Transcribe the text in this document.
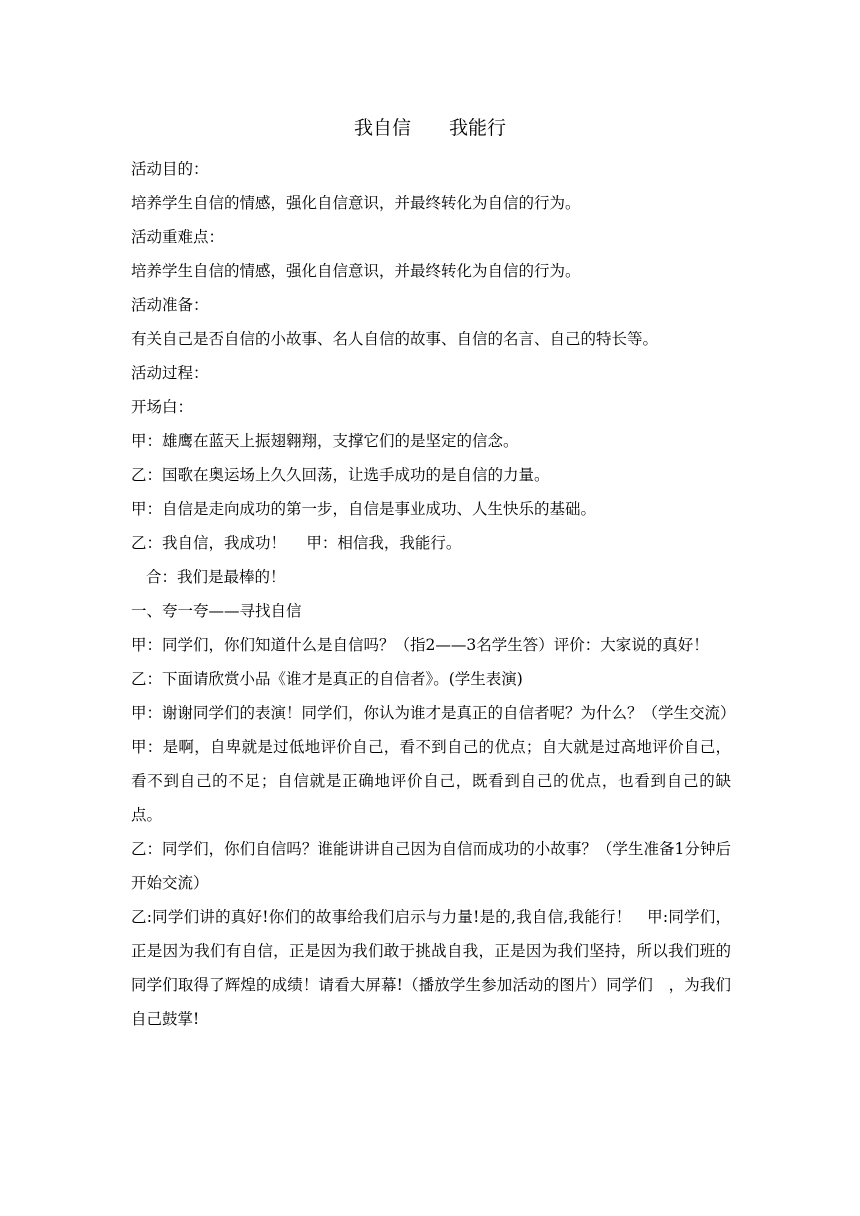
我自信　　我能行

活动目的：

培养学生自信的情感，强化自信意识，并最终转化为自信的行为。

活动重难点：

培养学生自信的情感，强化自信意识，并最终转化为自信的行为。

活动准备：

有关自己是否自信的小故事、名人自信的故事、自信的名言、自己的特长等。

活动过程：

开场白：

甲：雄鹰在蓝天上振翅翱翔，支撑它们的是坚定的信念。

乙：国歌在奥运场上久久回荡，让选手成功的是自信的力量。

甲：自信是走向成功的第一步，自信是事业成功、人生快乐的基础。

乙：我自信，我成功！　 甲：相信我，我能行。

合：我们是最棒的！

一、夸一夸——寻找自信

甲：同学们，你们知道什么是自信吗？（指2——3名学生答）评价：大家说的真好！

乙：下面请欣赏小品《谁才是真正的自信者》。(学生表演)

甲：谢谢同学们的表演！同学们，你认为谁才是真正的自信者呢？为什么？（学生交流）

甲：是啊，自卑就是过低地评价自己，看不到自己的优点；自大就是过高地评价自己，看不到自己的不足；自信就是正确地评价自己，既看到自己的优点，也看到自己的缺点。

乙：同学们，你们自信吗？谁能讲讲自己因为自信而成功的小故事？（学生准备1分钟后开始交流）

乙:同学们讲的真好!你们的故事给我们启示与力量!是的,我自信,我能行！　甲:同学们，正是因为我们有自信，正是因为我们敢于挑战自我，正是因为我们坚持，所以我们班的同学们取得了辉煌的成绩！请看大屏幕!（播放学生参加活动的图片）同学们　，为我们自己鼓掌!
